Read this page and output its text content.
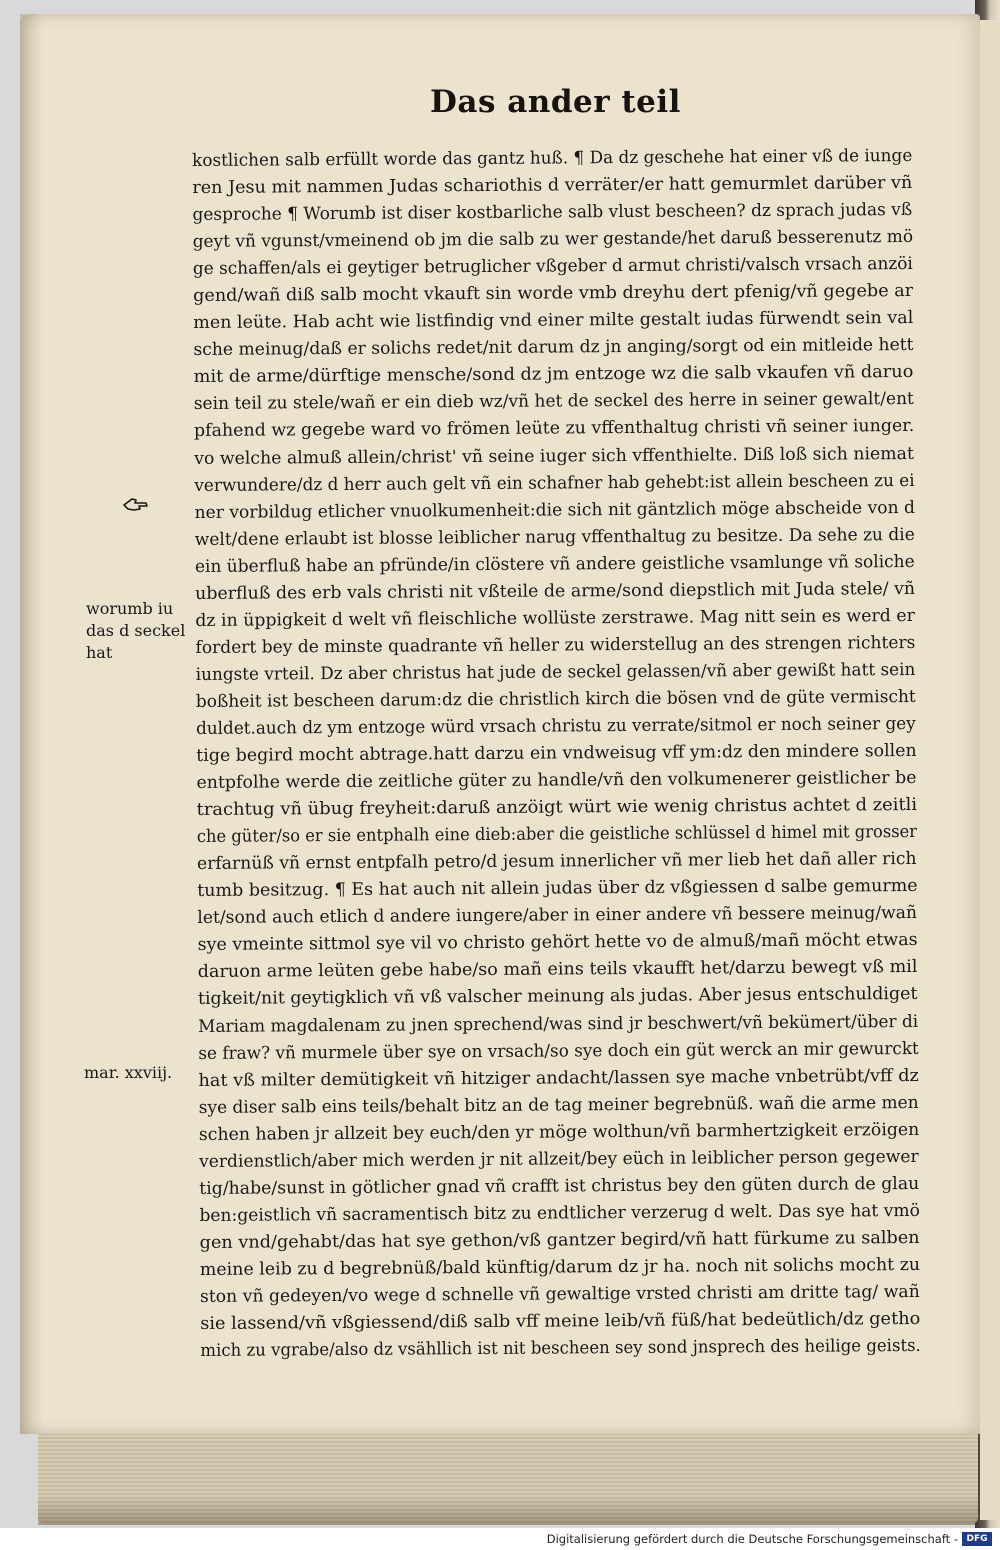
Das ander teil
kostlichen salb erfüllt worde das gantz huß. ¶ Da dz geschehe hat einer vß de iunge
ren Jesu mit nammen Judas schariothis d verräter/er hatt gemurmlet darüber vñ
gesproche ¶ Worumb ist diser kostbarliche salb vlust bescheen? dz sprach judas vß
geyt vñ vgunst/vmeinend ob jm die salb zu wer gestande/het daruß besserenutz mö
ge schaffen/als ei geytiger betruglicher vßgeber d armut christi/valsch vrsach anzöi
gend/wañ diß salb mocht vkauft sin worde vmb dreyhu dert pfenig/vñ gegebe ar
men leüte. Hab acht wie listfindig vnd einer milte gestalt iudas fürwendt sein val
sche meinug/daß er solichs redet/nit darum dz jn anging/sorgt od ein mitleide hett
mit de arme/dürftige mensche/sond dz jm entzoge wz die salb vkaufen vñ daruo
sein teil zu stele/wañ er ein dieb wz/vñ het de seckel des herre in seiner gewalt/ent
pfahend wz gegebe ward vo frömen leüte zu vffenthaltug christi vñ seiner iunger.
vo welche almuß allein/christ' vñ seine iuger sich vffenthielte. Diß loß sich niemat
verwundere/dz d herr auch gelt vñ ein schafner hab gehebt:ist allein bescheen zu ei
ner vorbildug etlicher vnuolkumenheit:die sich nit gäntzlich möge abscheide von d
welt/dene erlaubt ist blosse leiblicher narug vffenthaltug zu besitze. Da sehe zu die
ein überfluß habe an pfründe/in clöstere vñ andere geistliche vsamlunge vñ soliche
uberfluß des erb vals christi nit vßteile de arme/sond diepstlich mit Juda stele/ vñ
dz in üppigkeit d welt vñ fleischliche wollüste zerstrawe. Mag nitt sein es werd er
fordert bey de minste quadrante vñ heller zu widerstellug an des strengen richters
iungste vrteil. Dz aber christus hat jude de seckel gelassen/vñ aber gewißt hatt sein
boßheit ist bescheen darum:dz die christlich kirch die bösen vnd de güte vermischt
duldet.auch dz ym entzoge würd vrsach christu zu verrate/sitmol er noch seiner gey
tige begird mocht abtrage.hatt darzu ein vndweisug vff ym:dz den mindere sollen
entpfolhe werde die zeitliche güter zu handle/vñ den volkumenerer geistlicher be
trachtug vñ übug freyheit:daruß anzöigt würt wie wenig christus achtet d zeitli
che güter/so er sie entphalh eine dieb:aber die geistliche schlüssel d himel mit grosser
erfarnüß vñ ernst entpfalh petro/d jesum innerlicher vñ mer lieb het dañ aller rich
tumb besitzug. ¶ Es hat auch nit allein judas über dz vßgiessen d salbe gemurme
let/sond auch etlich d andere iungere/aber in einer andere vñ bessere meinug/wañ
sye vmeinte sittmol sye vil vo christo gehört hette vo de almuß/mañ möcht etwas
daruon arme leüten gebe habe/so mañ eins teils vkaufft het/darzu bewegt vß mil
tigkeit/nit geytigklich vñ vß valscher meinung als judas. Aber jesus entschuldiget
Mariam magdalenam zu jnen sprechend/was sind jr beschwert/vñ bekümert/über di
se fraw? vñ murmele über sye on vrsach/so sye doch ein güt werck an mir gewurckt
hat vß milter demütigkeit vñ hitziger andacht/lassen sye mache vnbetrübt/vff dz
sye diser salb eins teils/behalt bitz an de tag meiner begrebnüß. wañ die arme men
schen haben jr allzeit bey euch/den yr möge wolthun/vñ barmhertzigkeit erzöigen
verdienstlich/aber mich werden jr nit allzeit/bey eüch in leiblicher person gegewer
tig/habe/sunst in götlicher gnad vñ crafft ist christus bey den güten durch de glau
ben:geistlich vñ sacramentisch bitz zu endtlicher verzerug d welt. Das sye hat vmö
gen vnd/gehabt/das hat sye gethon/vß gantzer begird/vñ hatt fürkume zu salben
meine leib zu d begrebnüß/bald künftig/darum dz jr ha. noch nit solichs mocht zu
ston vñ gedeyen/vo wege d schnelle vñ gewaltige vrsted christi am dritte tag/ wañ
sie lassend/vñ vßgiessend/diß salb vff meine leib/vñ füß/hat bedeütlich/dz getho
mich zu vgrabe/also dz vsähllich ist nit bescheen sey sond jnsprech des heilige geists.
worumb iu das d seckel hat
mar. xxviij.
Digitalisierung gefördert durch die Deutsche Forschungsgemeinschaft - DFG
